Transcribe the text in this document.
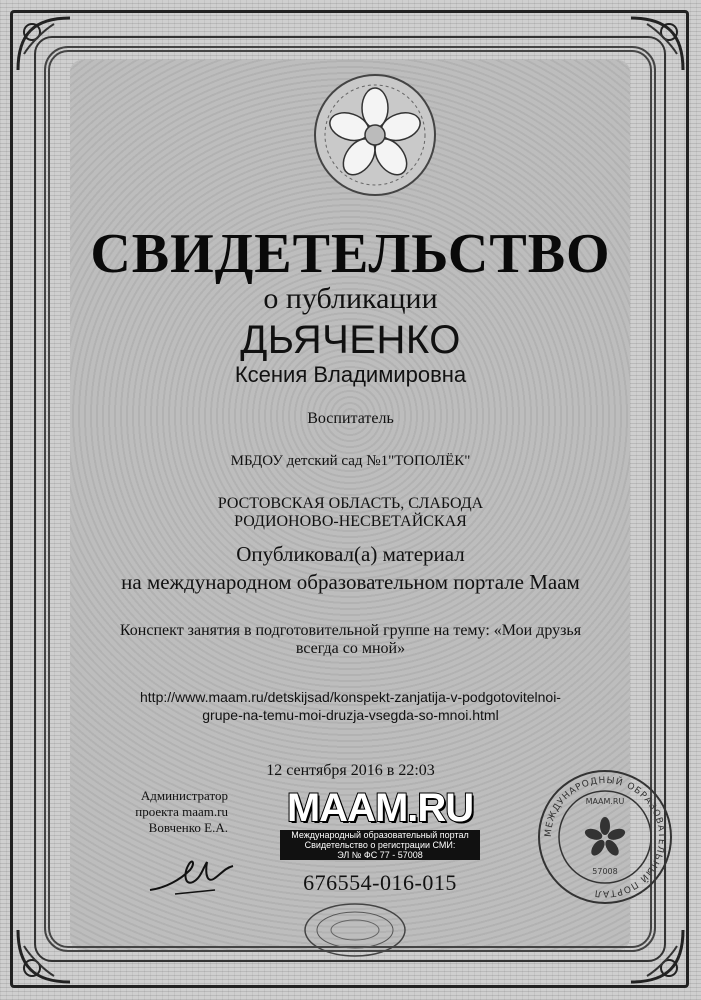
СВИДЕТЕЛЬСТВО
о публикации
ДЬЯЧЕНКО
Ксения Владимировна
Воспитатель
МБДОУ детский сад №1"ТОПОЛЁК"
РОСТОВСКАЯ ОБЛАСТЬ, СЛАБОДА
РОДИОНОВО-НЕСВЕТАЙСКАЯ
Опубликовал(а) материал
на международном образовательном портале Маам
Конспект занятия в подготовительной группе на тему: «Мои друзья всегда со мной»
http://www.maam.ru/detskijsad/konspekt-zanjatija-v-podgotovitelnoi-
grupe-na-temu-moi-druzja-vsegda-so-mnoi.html
12 сентября 2016 в 22:03
Администратор
проекта maam.ru
Вовченко Е.А. MAAM.RU
Международный образовательный портал
Свидетельство о регистрации СМИ:
ЭЛ № ФС 77 - 57008
676554-016-015
МЕЖДУНАРОДНЫЙ ОБРАЗОВАТЕЛЬНЫЙ ПОРТАЛ
МААМ.RU
57008
